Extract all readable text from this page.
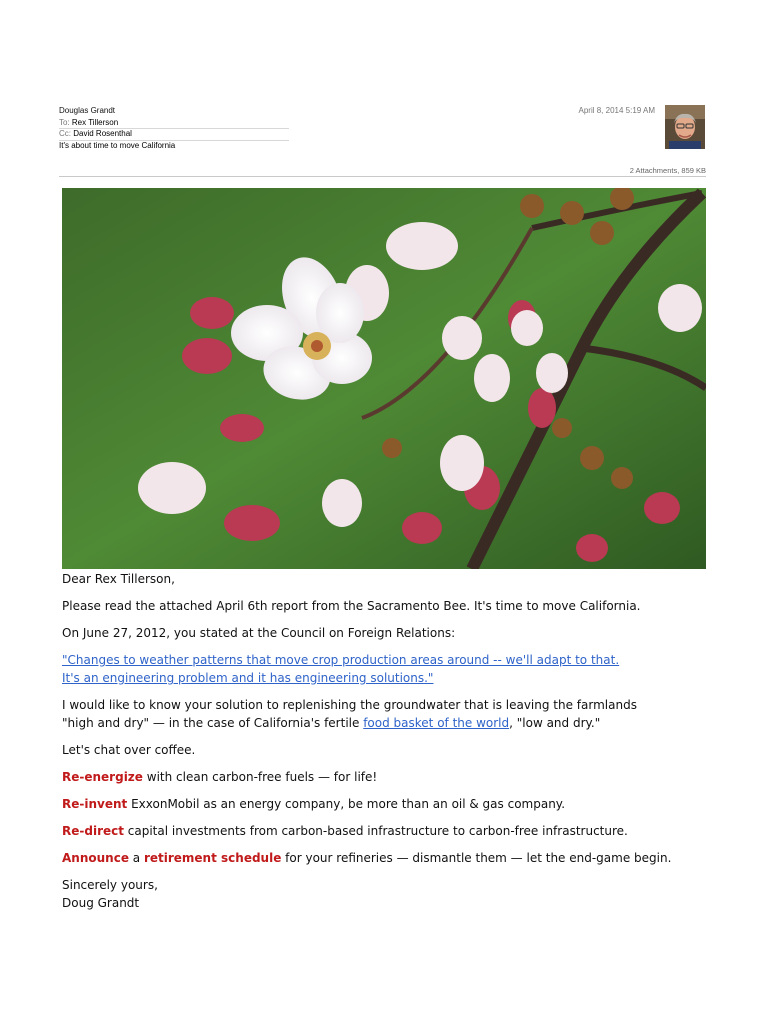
Douglas Grandt
To: Rex Tillerson
Cc: David Rosenthal
It's about time to move California
April 8, 2014 5:19 AM
2 Attachments, 859 KB

Dear Rex Tillerson,

Please read the attached April 6th report from the Sacramento Bee. It's time to move California.

On June 27, 2012, you stated at the Council on Foreign Relations:

"Changes to weather patterns that move crop production areas around -- we'll adapt to that.

It's an engineering problem and it has engineering solutions."

I would like to know your solution to replenishing the groundwater that is leaving the farmlands

"high and dry" — in the case of California's fertile food basket of the world, "low and dry."

Let's chat over coffee.

Re-energize with clean carbon-free fuels — for life!

Re-invent ExxonMobil as an energy company, be more than an oil & gas company.

Re-direct capital investments from carbon-based infrastructure to carbon-free infrastructure.

Announce a retirement schedule for your refineries — dismantle them — let the end-game begin.

Sincerely yours,

Doug Grandt
